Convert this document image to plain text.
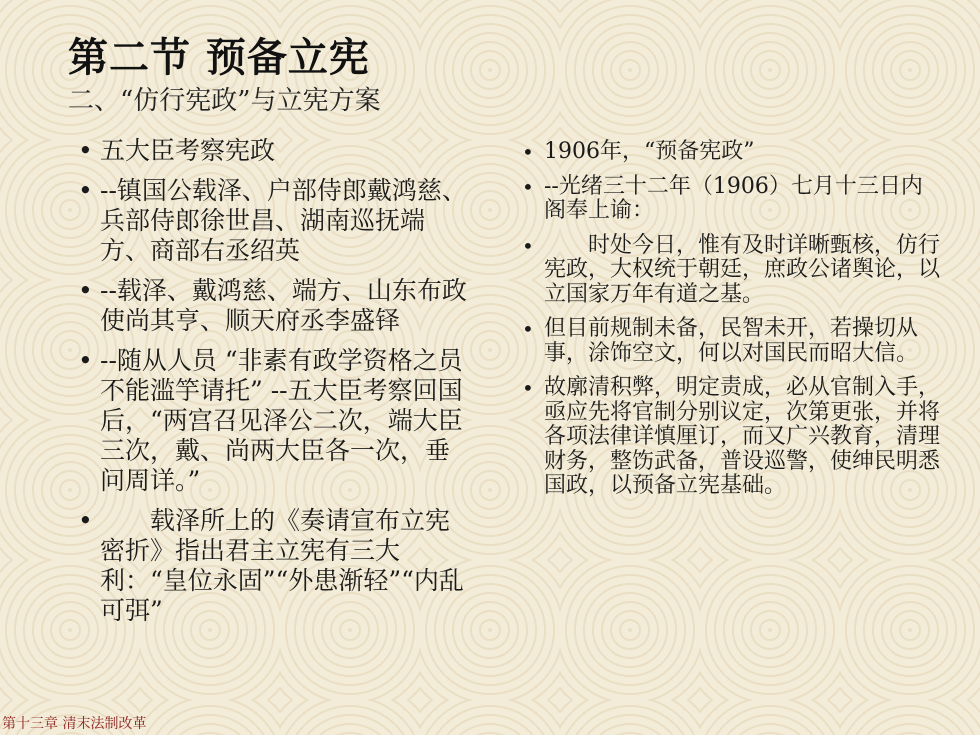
第二节 预备立宪
二、“仿行宪政”与立宪方案
• 五大臣考察宪政
• --镇国公载泽、户部侍郎戴鸿慈、兵部侍郎徐世昌、湖南巡抚端方、商部右丞绍英
• --载泽、戴鸿慈、端方、山东布政使尚其亨、顺天府丞李盛铎
• --随从人员 “非素有政学资格之员不能滥竽请托” --五大臣考察回国后，“两宫召见泽公二次，端大臣三次，戴、尚两大臣各一次，垂问周详。”
• 　　载泽所上的《奏请宣布立宪密折》指出君主立宪有三大利：“皇位永固”“外患渐轻”“内乱可弭”
• 1906年，“预备宪政”
• --光绪三十二年（1906）七月十三日内阁奉上谕：
• 　　时处今日，惟有及时详晰甄核，仿行宪政，大权统于朝廷，庶政公诸舆论，以立国家万年有道之基。
• 但目前规制未备，民智未开，若操切从事，涂饰空文，何以对国民而昭大信。
• 故廓清积弊，明定责成，必从官制入手，亟应先将官制分别议定，次第更张，并将各项法律详慎厘订，而又广兴教育，清理财务，整饬武备，普设巡警，使绅民明悉国政，以预备立宪基础。
第十三章 清末法制改革
